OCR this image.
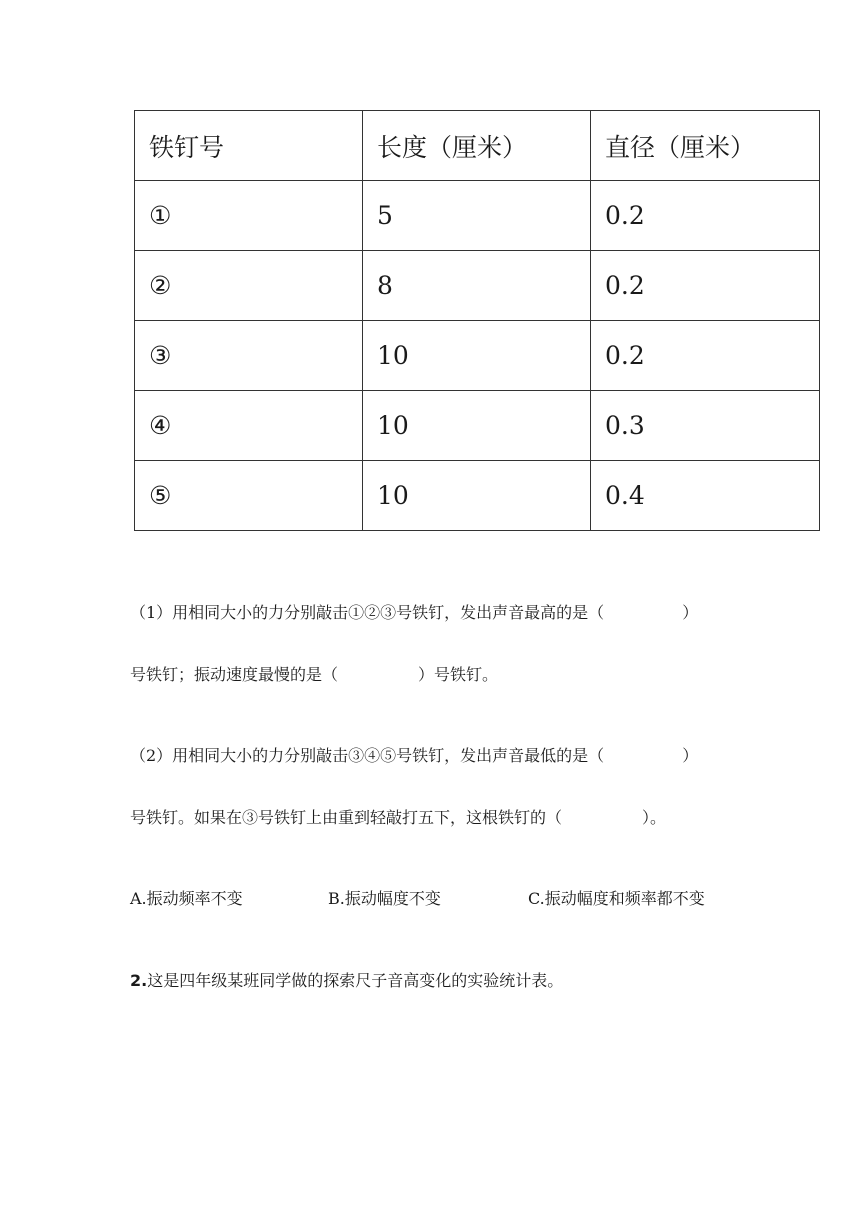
铁钉号	长度（厘米）	直径（厘米）
①	5	0.2
②	8	0.2
③	10	0.2
④	10	0.3
⑤	10	0.4
（1）用相同大小的力分别敲击①②③号铁钉，发出声音最高的是（	）
号铁钉；振动速度最慢的是（	）号铁钉。
（2）用相同大小的力分别敲击③④⑤号铁钉，发出声音最低的是（	）
号铁钉。如果在③号铁钉上由重到轻敲打五下，这根铁钉的（	）。
A.振动频率不变	B.振动幅度不变	C.振动幅度和频率都不变
2.这是四年级某班同学做的探索尺子音高变化的实验统计表。
